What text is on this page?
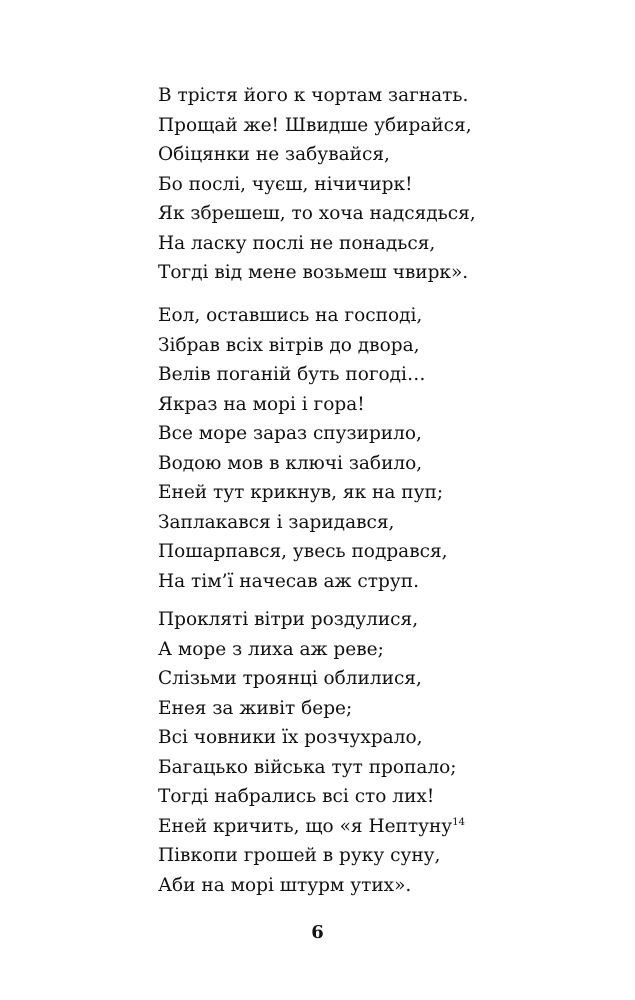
В трістя його к чортам загнать.
Прощай же! Швидше убирайся,
Обіцянки не забувайся,
Бо послі, чуєш, нічичирк!
Як збрешеш, то хоча надсядься,
На ласку послі не понадься,
Тогді від мене возьмеш чвирк».
Еол, оставшись на господі,
Зібрав всіх вітрів до двора,
Велів поганій буть погоді…
Якраз на морі і гора!
Все море зараз спузирило,
Водою мов в ключі забило,
Еней тут крикнув, як на пуп;
Заплакався і заридався,
Пошарпався, увесь подрався,
На тім’ї начесав аж струп.
Прокляті вітри роздулися,
А море з лиха аж реве;
Слізьми троянці облилися,
Енея за живіт бере;
Всі човники їх розчухрало,
Багацько війська тут пропало;
Тогді набрались всі сто лих!
Еней кричить, що «я Нептуну$^{14}$
Півкопи грошей в руку суну,
Аби на морі штурм утих».
6
